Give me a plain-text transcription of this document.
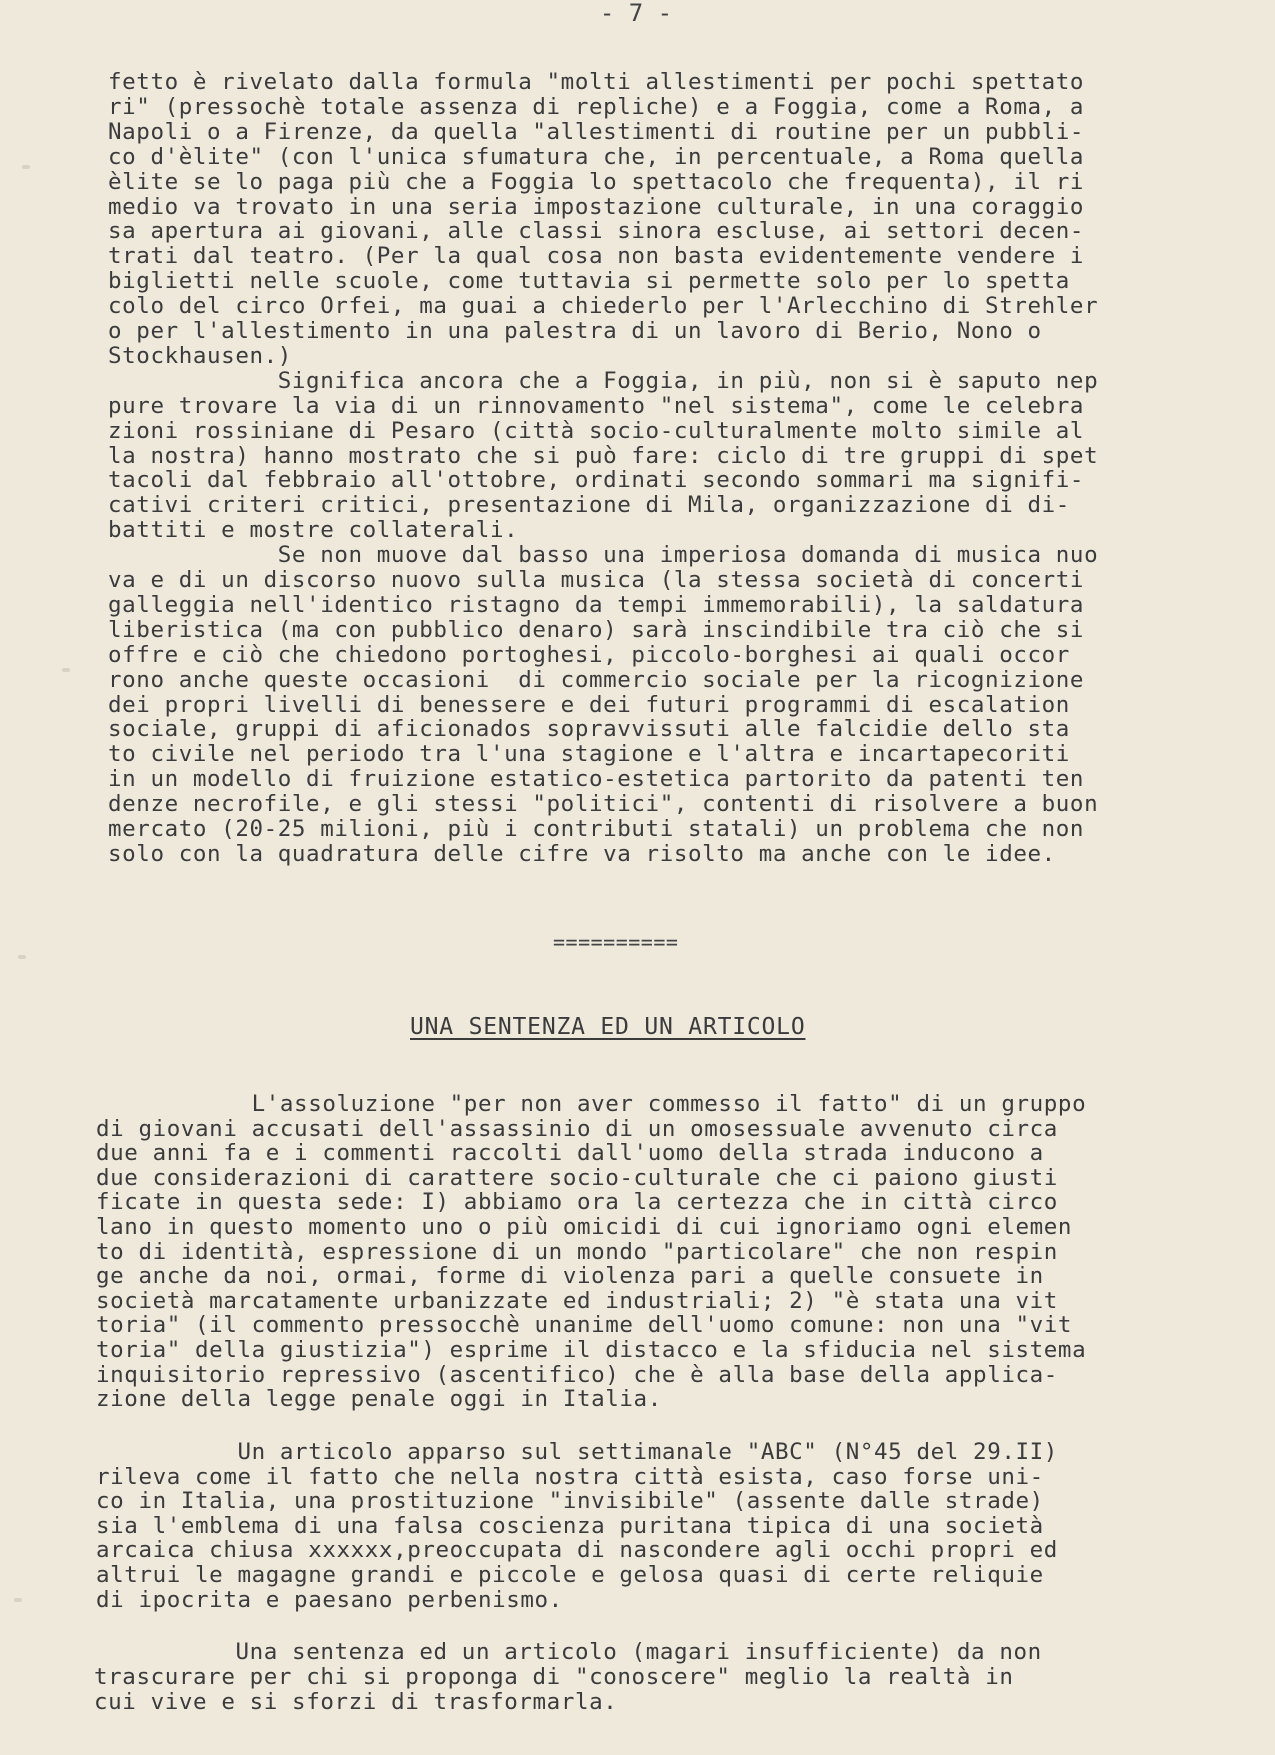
- 7 -
fetto è rivelato dalla formula "molti allestimenti per pochi spettato
ri" (pressochè totale assenza di repliche) e a Foggia, come a Roma, a
Napoli o a Firenze, da quella "allestimenti di routine per un pubbli-
co d'èlite" (con l'unica sfumatura che, in percentuale, a Roma quella
èlite se lo paga più che a Foggia lo spettacolo che frequenta), il ri
medio va trovato in una seria impostazione culturale, in una coraggio
sa apertura ai giovani, alle classi sinora escluse, ai settori decen-
trati dal teatro. (Per la qual cosa non basta evidentemente vendere i
biglietti nelle scuole, come tuttavia si permette solo per lo spetta
colo del circo Orfei, ma guai a chiederlo per l'Arlecchino di Strehler
o per l'allestimento in una palestra di un lavoro di Berio, Nono o
Stockhausen.)
Significa ancora che a Foggia, in più, non si è saputo nep
pure trovare la via di un rinnovamento "nel sistema", come le celebra
zioni rossiniane di Pesaro (città socio-culturalmente molto simile al
la nostra) hanno mostrato che si può fare: ciclo di tre gruppi di spet
tacoli dal febbraio all'ottobre, ordinati secondo sommari ma signifi-
cativi criteri critici, presentazione di Mila, organizzazione di di-
battiti e mostre collaterali.
Se non muove dal basso una imperiosa domanda di musica nuo
va e di un discorso nuovo sulla musica (la stessa società di concerti
galleggia nell'identico ristagno da tempi immemorabili), la saldatura
liberistica (ma con pubblico denaro) sarà inscindibile tra ciò che si
offre e ciò che chiedono portoghesi, piccolo-borghesi ai quali occor
rono anche queste occasioni  di commercio sociale per la ricognizione
dei propri livelli di benessere e dei futuri programmi di escalation
sociale, gruppi di aficionados sopravvissuti alle falcidie dello sta
to civile nel periodo tra l'una stagione e l'altra e incartapecoriti
in un modello di fruizione estatico-estetica partorito da patenti ten
denze necrofile, e gli stessi "politici", contenti di risolvere a buon
mercato (20-25 milioni, più i contributi statali) un problema che non
solo con la quadratura delle cifre va risolto ma anche con le idee.
==========
UNA SENTENZA ED UN ARTICOLO
L'assoluzione "per non aver commesso il fatto" di un gruppo
di giovani accusati dell'assassinio di un omosessuale avvenuto circa
due anni fa e i commenti raccolti dall'uomo della strada inducono a
due considerazioni di carattere socio-culturale che ci paiono giusti
ficate in questa sede: I) abbiamo ora la certezza che in città circo
lano in questo momento uno o più omicidi di cui ignoriamo ogni elemen
to di identità, espressione di un mondo "particolare" che non respin
ge anche da noi, ormai, forme di violenza pari a quelle consuete in
società marcatamente urbanizzate ed industriali; 2) "è stata una vit
toria" (il commento pressocchè unanime dell'uomo comune: non una "vit
toria" della giustizia") esprime il distacco e la sfiducia nel sistema
inquisitorio repressivo (ascentifico) che è alla base della applica-
zione della legge penale oggi in Italia.
Un articolo apparso sul settimanale "ABC" (N°45 del 29.II)
rileva come il fatto che nella nostra città esista, caso forse uni-
co in Italia, una prostituzione "invisibile" (assente dalle strade)
sia l'emblema di una falsa coscienza puritana tipica di una società
arcaica chiusa xxxxxx,preoccupata di nascondere agli occhi propri ed
altrui le magagne grandi e piccole e gelosa quasi di certe reliquie
di ipocrita e paesano perbenismo.
Una sentenza ed un articolo (magari insufficiente) da non
trascurare per chi si proponga di "conoscere" meglio la realtà in
cui vive e si sforzi di trasformarla.
